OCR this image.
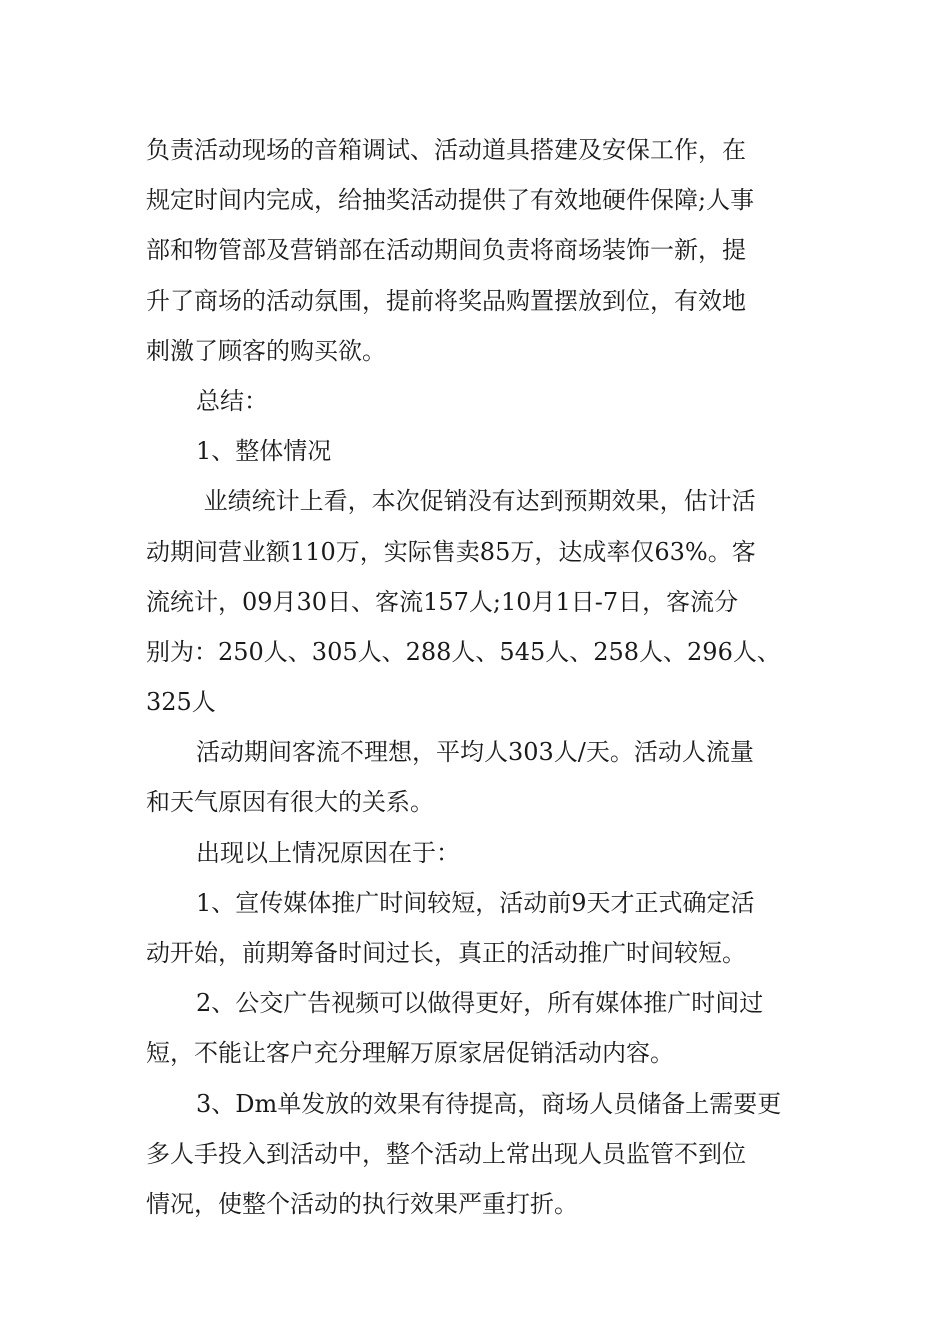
负责活动现场的音箱调试、活动道具搭建及安保工作，在
规定时间内完成，给抽奖活动提供了有效地硬件保障;人事
部和物管部及营销部在活动期间负责将商场装饰一新，提
升了商场的活动氛围，提前将奖品购置摆放到位，有效地
刺激了顾客的购买欲。
总结：
1、整体情况
业绩统计上看，本次促销没有达到预期效果，估计活
动期间营业额110万，实际售卖85万，达成率仅63%。客
流统计，09月30日、客流157人;10月1日-7日，客流分
别为：250人、305人、288人、545人、258人、296人、
325人
活动期间客流不理想，平均人303人/天。活动人流量
和天气原因有很大的关系。
出现以上情况原因在于：
1、宣传媒体推广时间较短，活动前9天才正式确定活
动开始，前期筹备时间过长，真正的活动推广时间较短。
2、公交广告视频可以做得更好，所有媒体推广时间过
短，不能让客户充分理解万原家居促销活动内容。
3、Dm单发放的效果有待提高，商场人员储备上需要更
多人手投入到活动中，整个活动上常出现人员监管不到位
情况，使整个活动的执行效果严重打折。
